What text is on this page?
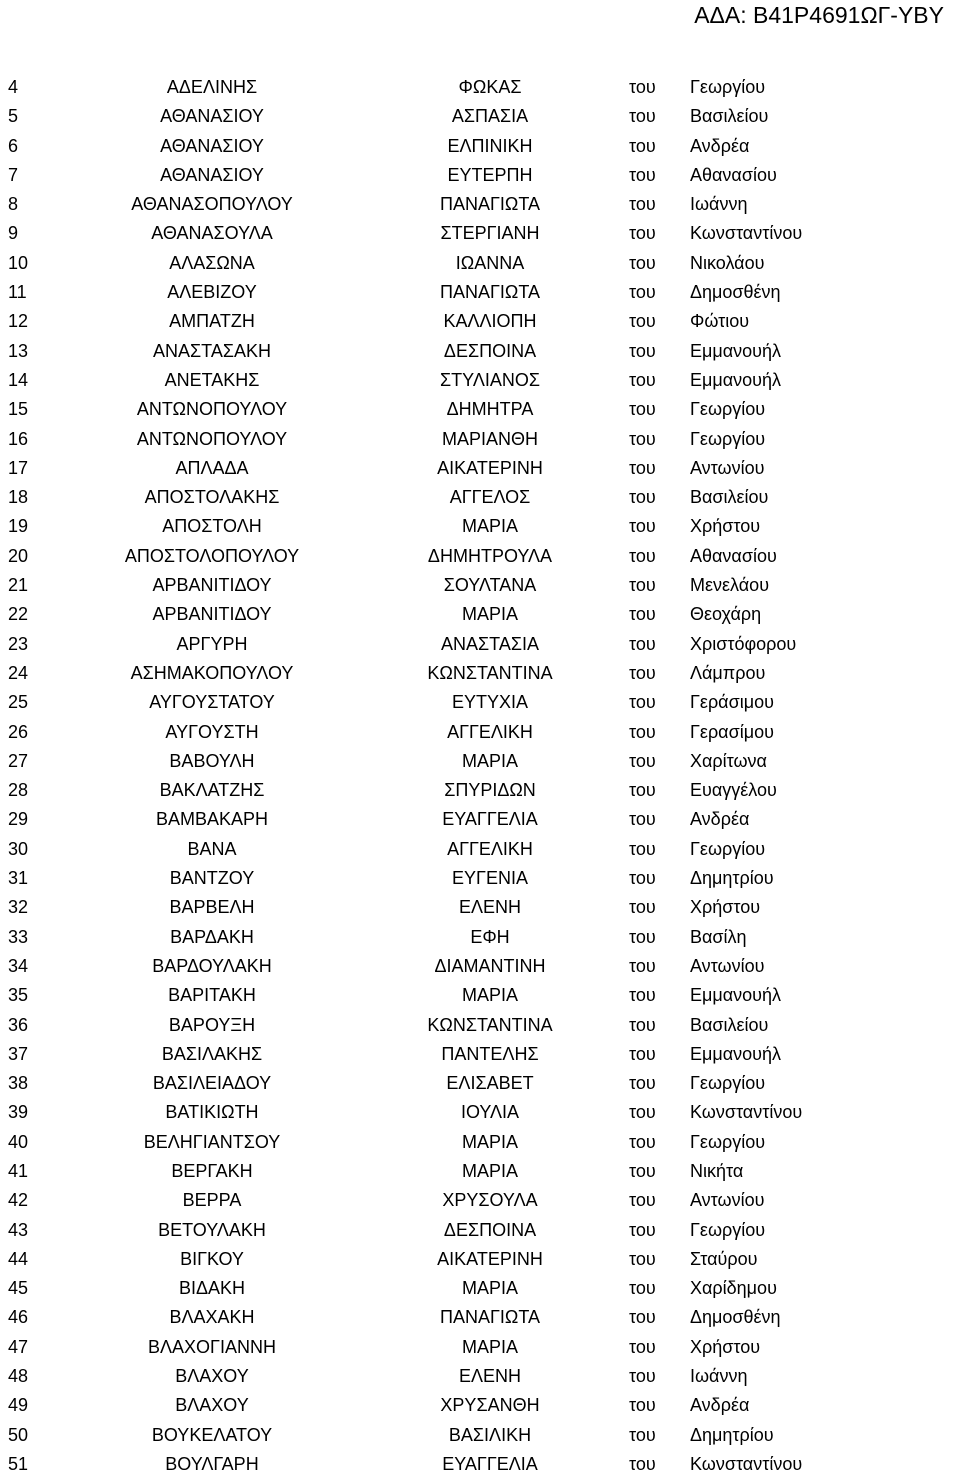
ΑΔΑ: Β41Ρ4691ΩΓ-ΥΒΥ
4	ΑΔΕΛΙΝΗΣ	ΦΩΚΑΣ	του Γεωργίου
5	ΑΘΑΝΑΣΙΟΥ	ΑΣΠΑΣΙΑ	του Βασιλείου
6	ΑΘΑΝΑΣΙΟΥ	ΕΛΠΙΝΙΚΗ	του Ανδρέα
7	ΑΘΑΝΑΣΙΟΥ	ΕΥΤΕΡΠΗ	του Αθανασίου
8	ΑΘΑΝΑΣΟΠΟΥΛΟΥ	ΠΑΝΑΓΙΩΤΑ	του Ιωάννη
9	ΑΘΑΝΑΣΟΥΛΑ	ΣΤΕΡΓΙΑΝΗ	του Κωνσταντίνου
10	ΑΛΑΣΩΝΑ	ΙΩΑΝΝΑ	του Νικολάου
11	ΑΛΕΒΙΖΟΥ	ΠΑΝΑΓΙΩΤΑ	του Δημοσθένη
12	ΑΜΠΑΤΖΗ	ΚΑΛΛΙΟΠΗ	του Φώτιου
13	ΑΝΑΣΤΑΣΑΚΗ	ΔΕΣΠΟΙΝΑ	του Εμμανουήλ
14	ΑΝΕΤΑΚΗΣ	ΣΤΥΛΙΑΝΟΣ	του Εμμανουήλ
15	ΑΝΤΩΝΟΠΟΥΛΟΥ	ΔΗΜΗΤΡΑ	του Γεωργίου
16	ΑΝΤΩΝΟΠΟΥΛΟΥ	ΜΑΡΙΑΝΘΗ	του Γεωργίου
17	ΑΠΛΑΔΑ	ΑΙΚΑΤΕΡΙΝΗ	του Αντωνίου
18	ΑΠΟΣΤΟΛΑΚΗΣ	ΑΓΓΕΛΟΣ	του Βασιλείου
19	ΑΠΟΣΤΟΛΗ	ΜΑΡΙΑ	του Χρήστου
20	ΑΠΟΣΤΟΛΟΠΟΥΛΟΥ	ΔΗΜΗΤΡΟΥΛΑ	του Αθανασίου
21	ΑΡΒΑΝΙΤΙΔΟΥ	ΣΟΥΛΤΑΝΑ	του Μενελάου
22	ΑΡΒΑΝΙΤΙΔΟΥ	ΜΑΡΙΑ	του Θεοχάρη
23	ΑΡΓΥΡΗ	ΑΝΑΣΤΑΣΙΑ	του Χριστόφορου
24	ΑΣΗΜΑΚΟΠΟΥΛΟΥ	ΚΩΝΣΤΑΝΤΙΝΑ	του Λάμπρου
25	ΑΥΓΟΥΣΤΑΤΟΥ	ΕΥΤΥΧΙΑ	του Γεράσιμου
26	ΑΥΓΟΥΣΤΗ	ΑΓΓΕΛΙΚΗ	του Γερασίμου
27	ΒΑΒΟΥΛΗ	ΜΑΡΙΑ	του Χαρίτωνα
28	ΒΑΚΛΑΤΖΗΣ	ΣΠΥΡΙΔΩΝ	του Ευαγγέλου
29	ΒΑΜΒΑΚΑΡΗ	ΕΥΑΓΓΕΛΙΑ	του Ανδρέα
30	ΒΑΝΑ	ΑΓΓΕΛΙΚΗ	του Γεωργίου
31	ΒΑΝΤΖΟΥ	ΕΥΓΕΝΙΑ	του Δημητρίου
32	ΒΑΡΒΕΛΗ	ΕΛΕΝΗ	του Χρήστου
33	ΒΑΡΔΑΚΗ	ΕΦΗ	του Βασίλη
34	ΒΑΡΔΟΥΛΑΚΗ	ΔΙΑΜΑΝΤΙΝΗ	του Αντωνίου
35	ΒΑΡΙΤΑΚΗ	ΜΑΡΙΑ	του Εμμανουήλ
36	ΒΑΡΟΥΞΗ	ΚΩΝΣΤΑΝΤΙΝΑ	του Βασιλείου
37	ΒΑΣΙΛΑΚΗΣ	ΠΑΝΤΕΛΗΣ	του Εμμανουήλ
38	ΒΑΣΙΛΕΙΑΔΟΥ	ΕΛΙΣΑΒΕΤ	του Γεωργίου
39	ΒΑΤΙΚΙΩΤΗ	ΙΟΥΛΙΑ	του Κωνσταντίνου
40	ΒΕΛΗΓΙΑΝΤΣΟΥ	ΜΑΡΙΑ	του Γεωργίου
41	ΒΕΡΓΑΚΗ	ΜΑΡΙΑ	του Νικήτα
42	ΒΕΡΡΑ	ΧΡΥΣΟΥΛΑ	του Αντωνίου
43	ΒΕΤΟΥΛΑΚΗ	ΔΕΣΠΟΙΝΑ	του Γεωργίου
44	ΒΙΓΚΟΥ	ΑΙΚΑΤΕΡΙΝΗ	του Σταύρου
45	ΒΙΔΑΚΗ	ΜΑΡΙΑ	του Χαρίδημου
46	ΒΛΑΧΑΚΗ	ΠΑΝΑΓΙΩΤΑ	του Δημοσθένη
47	ΒΛΑΧΟΓΙΑΝΝΗ	ΜΑΡΙΑ	του Χρήστου
48	ΒΛΑΧΟΥ	ΕΛΕΝΗ	του Ιωάννη
49	ΒΛΑΧΟΥ	ΧΡΥΣΑΝΘΗ	του Ανδρέα
50	ΒΟΥΚΕΛΑΤΟΥ	ΒΑΣΙΛΙΚΗ	του Δημητρίου
51	ΒΟΥΛΓΑΡΗ	ΕΥΑΓΓΕΛΙΑ	του Κωνσταντίνου
